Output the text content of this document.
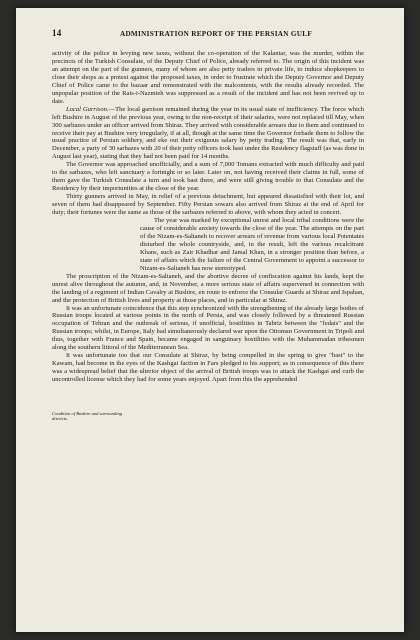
14	ADMINISTRATION REPORT OF THE PERSIAN GULF
Condition of Bushire and surrounding districts.

activity of the police in levying new taxes, without the co-operation of the Kalantar, was the murder, within the precincts of the Turkish Consulate, of the Deputy Chief of Police, already referred to. The origin of this incident was an attempt on the part of the gunners, many of whom are also petty traders in private life, to induce shopkeepers to close their shops as a protest against the proposed taxes, in order to frustrate which the Deputy Governor and Deputy Chief of Police came to the bazaar and remonstrated with the malcontents, with the results already recorded. The unpopular position of the Rais-i-Nazmieh was suppressed as a result of the incident and has not been revived up to date.

Local Garrison.—The local garrison remained during the year in its usual state of inefficiency. The force which left Bushire in August of the previous year, owing to the non-receipt of their salaries, were not replaced till May, when 300 sarbazes under an officer arrived from Shiraz. They arrived with considerable arrears due to them and continued to receive their pay at Bushire very irregularly, if at all, though at the same time the Governor forbade them to follow the usual practice of Persian soldiery, and eke out their exiguous salary by petty trading. The result was that, early in December, a party of 30 sarbazes with 20 of their petty officers took bast under the Residency flagstaff (as was done in August last year), stating that they had not been paid for 14 months.

The Governor was approached unofficially, and a sum of 7,000 Tomans extracted with much difficulty and paid to the sarbazes, who left sanctuary a fortnight or so later. Later on, not having received their claims in full, some of them gave the Turkish Consulate a turn and took bast there, and were still giving trouble to that Consulate and the Residency by their importunities at the close of the year.

Thirty gunners arrived in May, in relief of a previous detachment, but appeared dissatisfied with their lot, and seven of them had disappeared by September. Fifty Persian sowars also arrived from Shiraz at the end of April for duty; their fortunes were the same as those of the sarbazes referred to above, with whom they acted in concert.

The year was marked by exceptional unrest and local tribal conditions were the cause of considerable anxiety towards the close of the year. The attempts on the part of the Nizam-es-Saltaneh to recover arrears of revenue from various local Potentates disturbed the whole countryside, and, in the result, left the various recalcitrant Khans, such as Zair Khadhar and Jamal Khan, in a stronger position than before, a state of affairs which the failure of the Central Government to appoint a successor to Nizam-es-Saltaneh has now stereotyped.

The proscription of the Nizam-es-Saltaneh, and the abortive decree of confiscation against his lands, kept the unrest alive throughout the autumn, and, in November, a more serious state of affairs supervened in connection with the landing of a regiment of Indian Cavalry at Bushire, en route to enforce the Consular Guards at Shiraz and Ispahan, and the protection of British lives and property at those places, and in particular at Shiraz.

It was an unfortunate coincidence that this step synchronized with the strengthening of the already large bodies of Russian troops located at various points in the north of Persia, and was closely followed by a threatened Russian occupation of Tehran and the outbreak of serious, if unofficial, hostilities in Tabriz between the "fedais" and the Russian troops; whilst, in Europe, Italy had simultaneously declared war upon the Ottoman Government in Tripoli and thus, together with France and Spain, became engaged in sanguinary hostilities with the Muhammadan tribesmen along the southern littoral of the Mediterranean Sea.

It was unfortunate too that our Consulate at Shiraz, by being compelled in the spring to give "bast" to the Kawam, had become in the eyes of the Kashgai faction in Fars pledged to his support; as in consequence of this there was a widespread belief that the ulterior object of the arrival of British troops was to attack the Kashgai and curb the uncontrolled license which they had for some years enjoyed. Apart from this the apprehended
